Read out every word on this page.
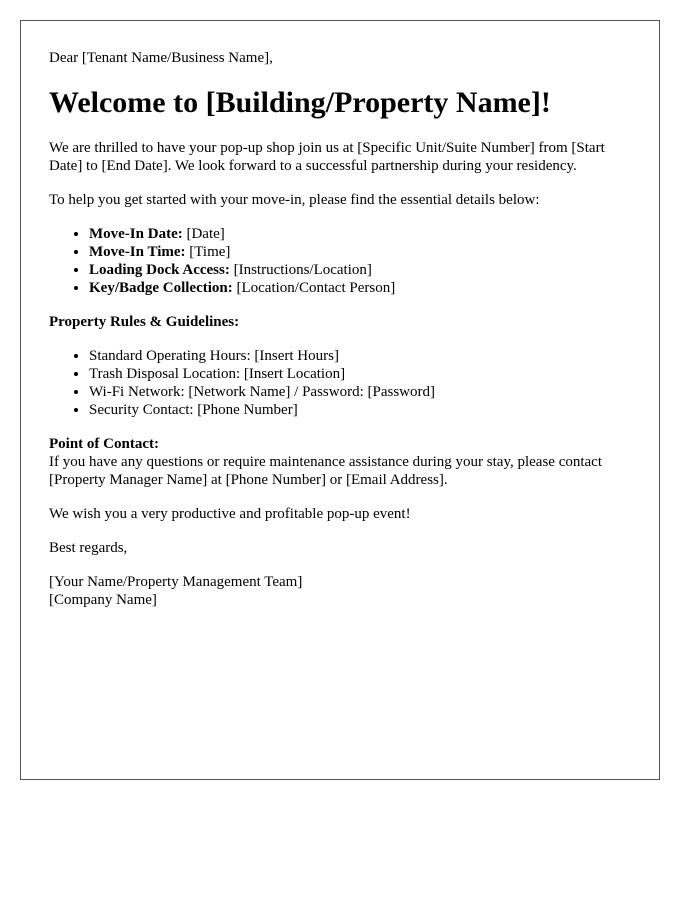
Dear [Tenant Name/Business Name],

Welcome to [Building/Property Name]!

We are thrilled to have your pop-up shop join us at [Specific Unit/Suite Number] from [Start Date] to [End Date]. We look forward to a successful partnership during your residency.

To help you get started with your move-in, please find the essential details below:

• Move-In Date: [Date]
• Move-In Time: [Time]
• Loading Dock Access: [Instructions/Location]
• Key/Badge Collection: [Location/Contact Person]

Property Rules & Guidelines:

• Standard Operating Hours: [Insert Hours]
• Trash Disposal Location: [Insert Location]
• Wi-Fi Network: [Network Name] / Password: [Password]
• Security Contact: [Phone Number]

Point of Contact:

If you have any questions or require maintenance assistance during your stay, please contact [Property Manager Name] at [Phone Number] or [Email Address].

We wish you a very productive and profitable pop-up event!

Best regards,

[Your Name/Property Management Team]

[Company Name]
